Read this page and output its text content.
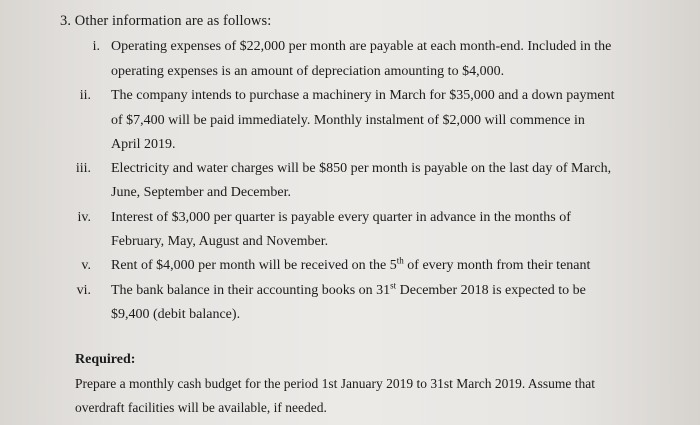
3. Other information are as follows:
i. Operating expenses of $22,000 per month are payable at each month-end. Included in the
operating expenses is an amount of depreciation amounting to $4,000.
ii. The company intends to purchase a machinery in March for $35,000 and a down payment
of $7,400 will be paid immediately. Monthly instalment of $2,000 will commence in
April 2019.
iii. Electricity and water charges will be $850 per month is payable on the last day of March,
June, September and December.
iv. Interest of $3,000 per quarter is payable every quarter in advance in the months of
February, May, August and November.
v. Rent of $4,000 per month will be received on the 5th of every month from their tenant
vi. The bank balance in their accounting books on 31st December 2018 is expected to be
$9,400 (debit balance).
Required:
Prepare a monthly cash budget for the period 1st January 2019 to 31st March 2019. Assume that
overdraft facilities will be available, if needed.
